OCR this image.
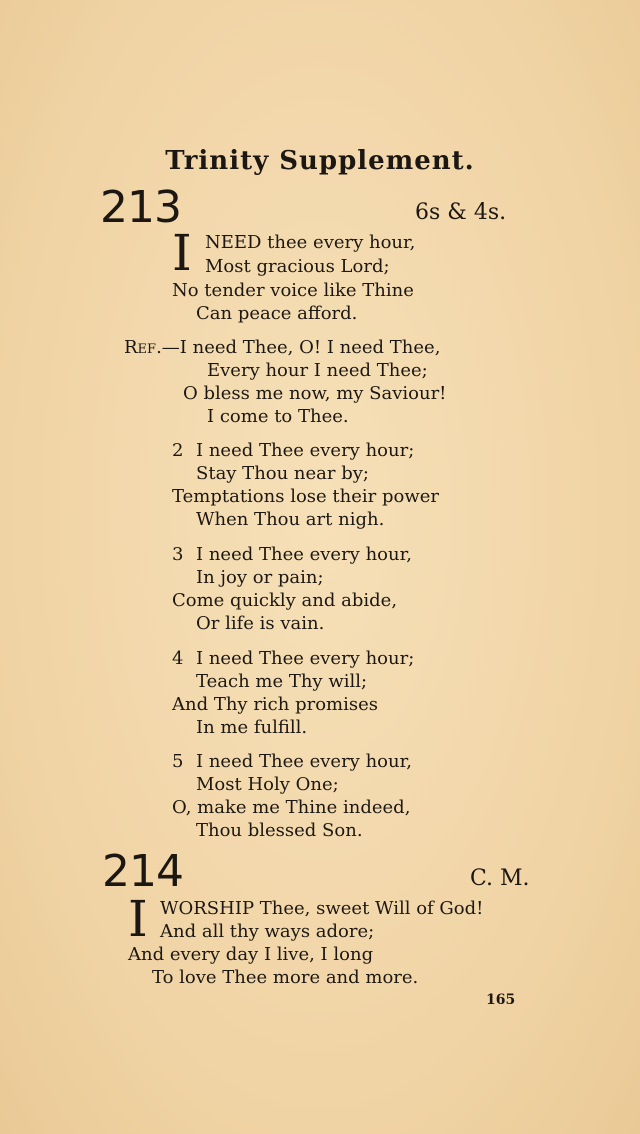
Trinity Supplement.
213	6s & 4s.
I NEED thee every hour,
Most gracious Lord;
No tender voice like Thine
Can peace afford.
Ref.—I need Thee, O! I need Thee,
Every hour I need Thee;
O bless me now, my Saviour!
I come to Thee.
2 I need Thee every hour;
Stay Thou near by;
Temptations lose their power
When Thou art nigh.
3 I need Thee every hour,
In joy or pain;
Come quickly and abide,
Or life is vain.
4 I need Thee every hour;
Teach me Thy will;
And Thy rich promises
In me fulfill.
5 I need Thee every hour,
Most Holy One;
O, make me Thine indeed,
Thou blessed Son.
214	C. M.
I WORSHIP Thee, sweet Will of God!
And all thy ways adore;
And every day I live, I long
To love Thee more and more.
165
